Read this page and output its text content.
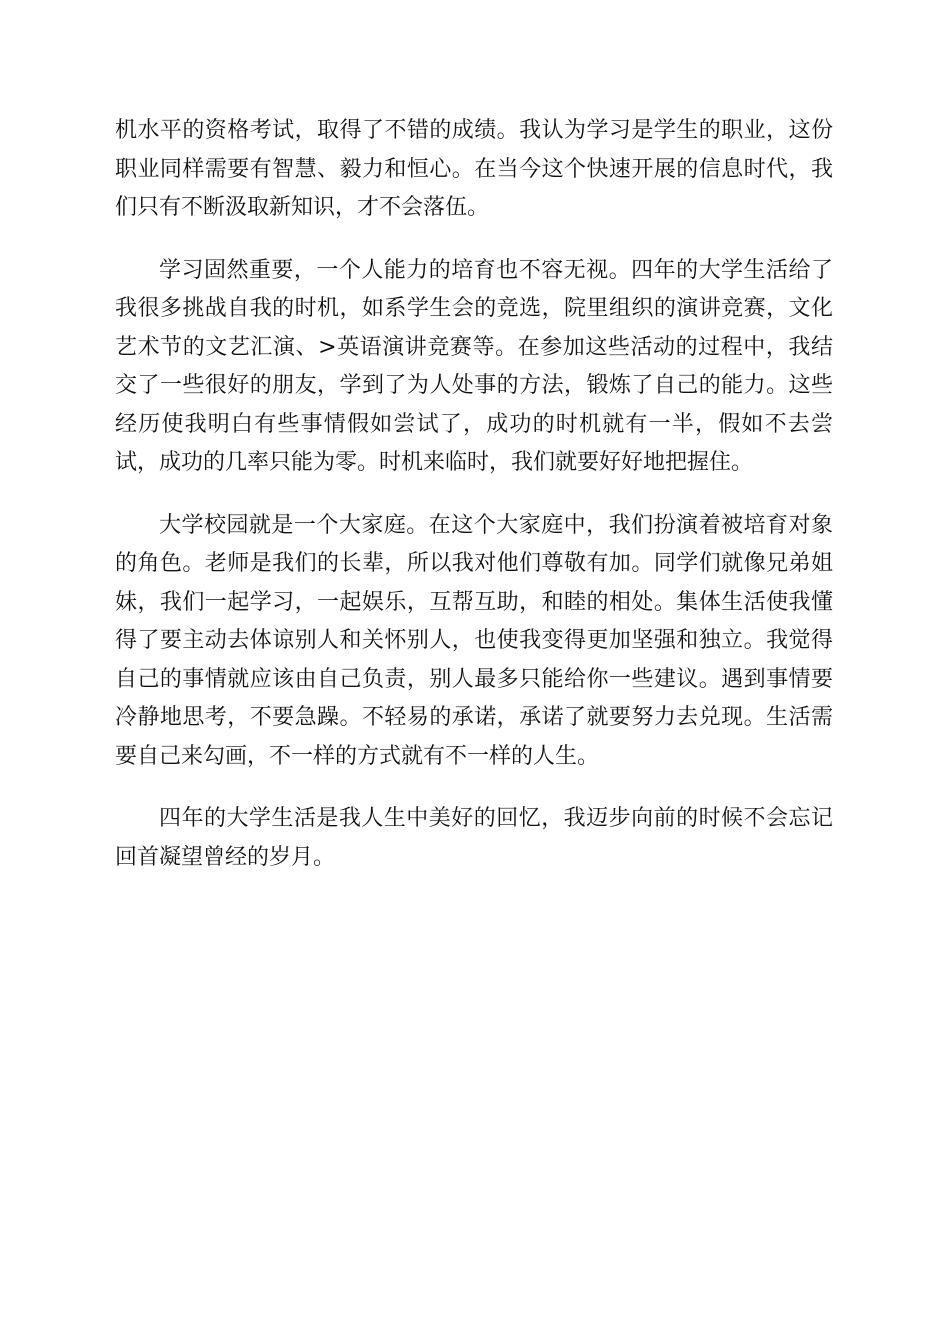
机水平的资格考试，取得了不错的成绩。我认为学习是学生的职业，这份职业同样需要有智慧、毅力和恒心。在当今这个快速开展的信息时代，我们只有不断汲取新知识，才不会落伍。

学习固然重要，一个人能力的培育也不容无视。四年的大学生活给了我很多挑战自我的时机，如系学生会的竞选，院里组织的演讲竞赛，文化艺术节的文艺汇演、>英语演讲竞赛等。在参加这些活动的过程中，我结交了一些很好的朋友，学到了为人处事的方法，锻炼了自己的能力。这些经历使我明白有些事情假如尝试了，成功的时机就有一半，假如不去尝试，成功的几率只能为零。时机来临时，我们就要好好地把握住。

大学校园就是一个大家庭。在这个大家庭中，我们扮演着被培育对象的角色。老师是我们的长辈，所以我对他们尊敬有加。同学们就像兄弟姐妹，我们一起学习，一起娱乐，互帮互助，和睦的相处。集体生活使我懂得了要主动去体谅别人和关怀别人，也使我变得更加坚强和独立。我觉得自己的事情就应该由自己负责，别人最多只能给你一些建议。遇到事情要冷静地思考，不要急躁。不轻易的承诺，承诺了就要努力去兑现。生活需要自己来勾画，不一样的方式就有不一样的人生。

四年的大学生活是我人生中美好的回忆，我迈步向前的时候不会忘记回首凝望曾经的岁月。
